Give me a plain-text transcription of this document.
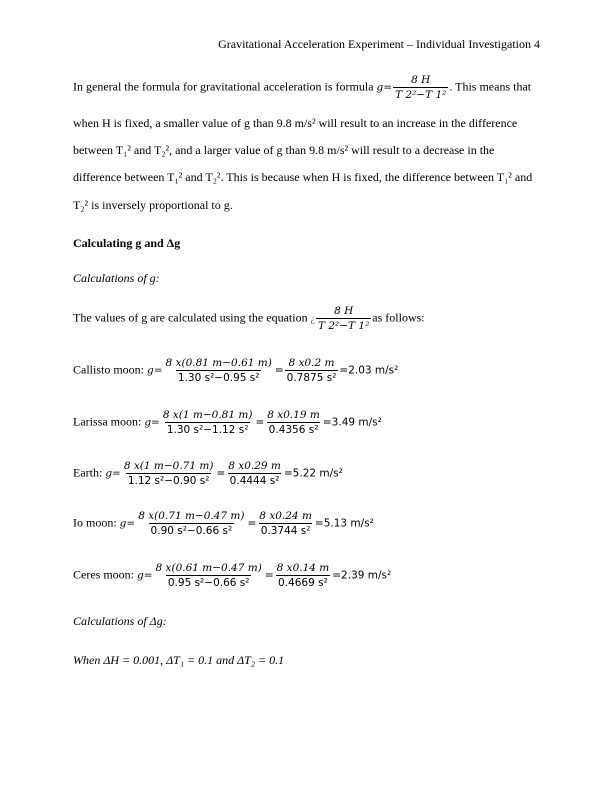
Gravitational Acceleration Experiment – Individual Investigation 4
In general the formula for gravitational acceleration is formula $g= \frac{8 H}{\text{T 2²−T 1²}}$ . This means that
when H is fixed, a smaller value of g than 9.8 m/s² will result to an increase in the difference
between T₁² and T₂², and a larger value of g than 9.8 m/s² will result to a decrease in the
difference between T₁² and T₂². This is because when H is fixed, the difference between T₁² and
T₂² is inversely proportional to g.
Calculating g and Δg
Calculations of g:
The values of g are calculated using the equation ¿ $\frac{8 H}{\text{T 2²−T 1²}}$ as follows:
Callisto moon: $g= \frac{8 x(0.81 m-0.61 m)}{\text{1.30 s²−0.95 s²}} = \frac{8 x0.2 m}{\text{0.7875 s²}} =2.03$ m/s²
Larissa moon: $g= \frac{8 x(1 m-0.81 m)}{\text{1.30 s²−1.12 s²}} = \frac{8 x0.19 m}{\text{0.4356 s²}} =3.49$ m/s²
Earth: $g= \frac{8 x(1 m-0.71 m)}{\text{1.12 s²−0.90 s²}} = \frac{8 x0.29 m}{\text{0.4444 s²}} =5.22$ m/s²
Io moon: $g= \frac{8 x(0.71 m-0.47 m)}{\text{0.90 s²−0.66 s²}} = \frac{8 x0.24 m}{\text{0.3744 s²}} =5.13$ m/s²
Ceres moon: $g= \frac{8 x(0.61 m-0.47 m)}{\text{0.95 s²−0.66 s²}} = \frac{8 x0.14 m}{\text{0.4669 s²}} =2.39$ m/s²
Calculations of Δg:
When ΔH = 0.001, ΔT₁ = 0.1 and ΔT₂ = 0.1
